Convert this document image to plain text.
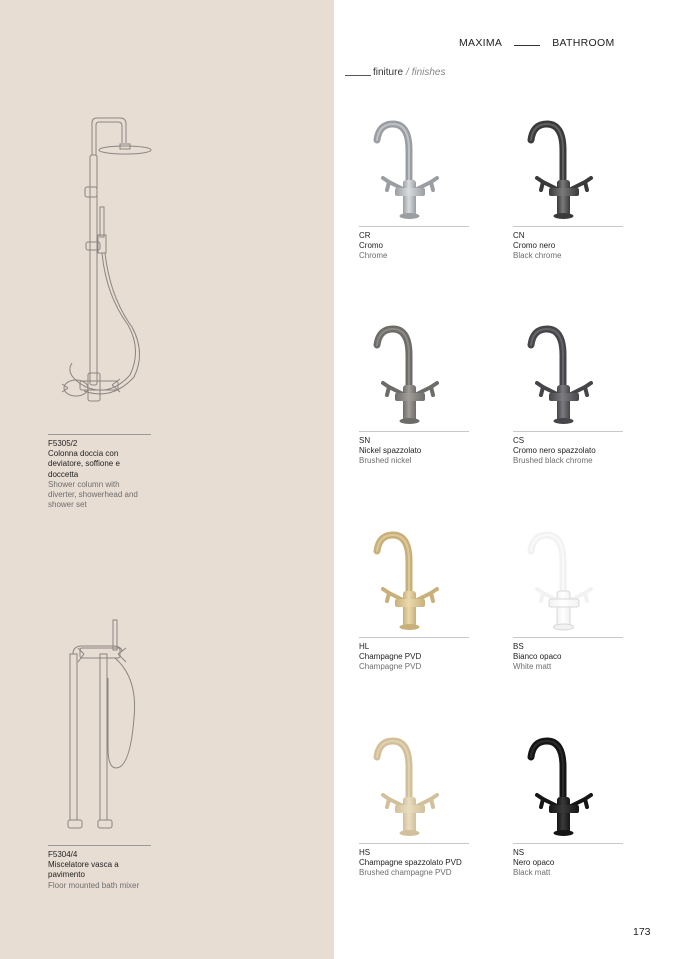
MAXIMA	BATHROOM
finiture / finishes
F5305/2
Colonna doccia con
deviatore, soffione e
doccetta
Shower column with
diverter, showerhead and
shower set
F5304/4
Miscelatore vasca a
pavimento
Floor mounted bath mixer
CR
Cromo
Chrome
CN
Cromo nero
Black chrome
SN
Nickel spazzolato
Brushed nickel
CS
Cromo nero spazzolato
Brushed black chrome
HL
Champagne PVD
Champagne PVD
BS
Bianco opaco
White matt
HS
Champagne spazzolato PVD
Brushed champagne PVD
NS
Nero opaco
Black matt
173
